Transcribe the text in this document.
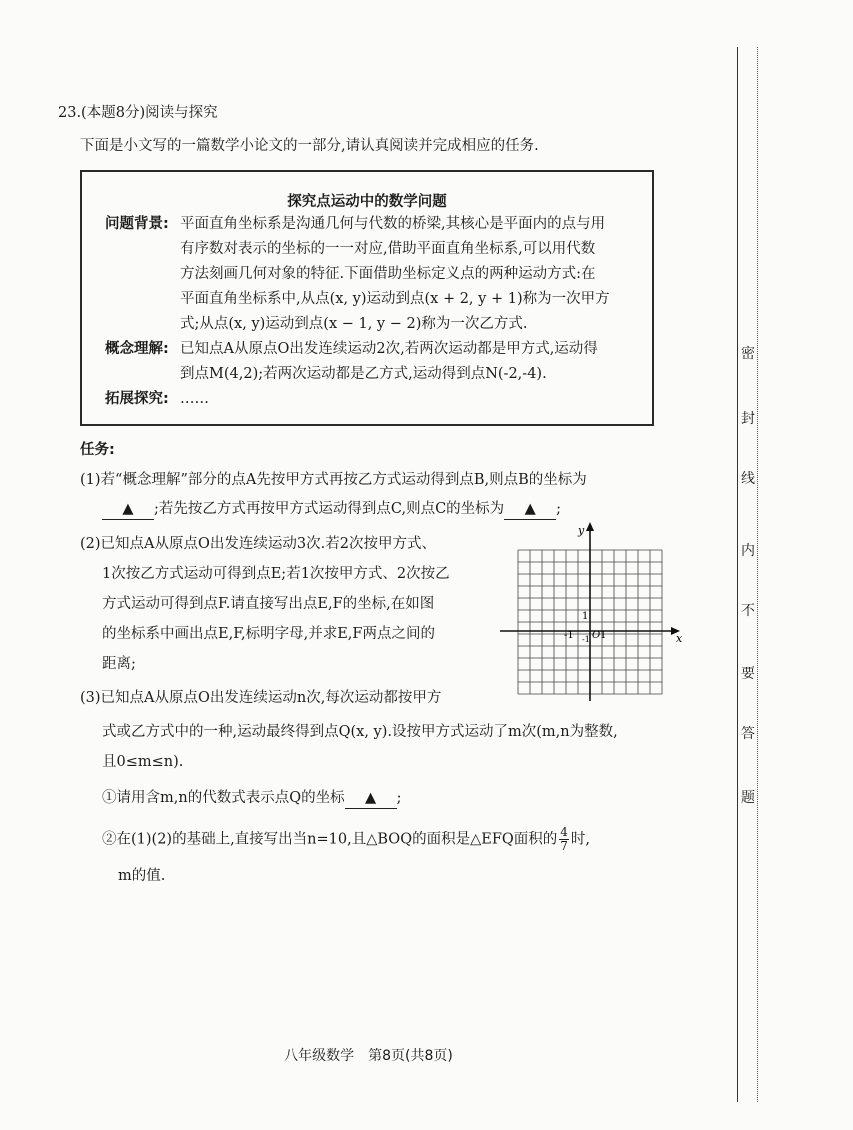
23.(本题8分)阅读与探究
下面是小文写的一篇数学小论文的一部分,请认真阅读并完成相应的任务.
探究点运动中的数学问题
问题背景: 平面直角坐标系是沟通几何与代数的桥梁,其核心是平面内的点与用
有序数对表示的坐标的一一对应,借助平面直角坐标系,可以用代数
方法刻画几何对象的特征.下面借助坐标定义点的两种运动方式:在
平面直角坐标系中,从点(x, y)运动到点(x + 2, y + 1)称为一次甲方
式;从点(x, y)运动到点(x − 1, y − 2)称为一次乙方式.
概念理解: 已知点A从原点O出发连续运动2次,若两次运动都是甲方式,运动得
到点M(4,2);若两次运动都是乙方式,运动得到点N(-2,-4).
拓展探究: ……
任务:
(1)若“概念理解”部分的点A先按甲方式再按乙方式运动得到点B,则点B的坐标为
▲ ;若先按乙方式再按甲方式运动得到点C,则点C的坐标为 ▲ ;
(2)已知点A从原点O出发连续运动3次.若2次按甲方式、
1次按乙方式运动可得到点E;若1次按甲方式、2次按乙
方式运动可得到点F.请直接写出点E,F的坐标,在如图
的坐标系中画出点E,F,标明字母,并求E,F两点之间的
距离;
(3)已知点A从原点O出发连续运动n次,每次运动都按甲方
式或乙方式中的一种,运动最终得到点Q(x, y).设按甲方式运动了m次(m,n为整数,
且0≤m≤n).
①请用含m,n的代数式表示点Q的坐标 ▲ ;
②在(1)(2)的基础上,直接写出当n=10,且△BOQ的面积是△EFQ面积的 $\frac{4}{7}$ 时,
m的值.
y
x
1
-1 -1 O 1
八年级数学　第8页(共8页)
密
封
线
内
不
要
答
题
